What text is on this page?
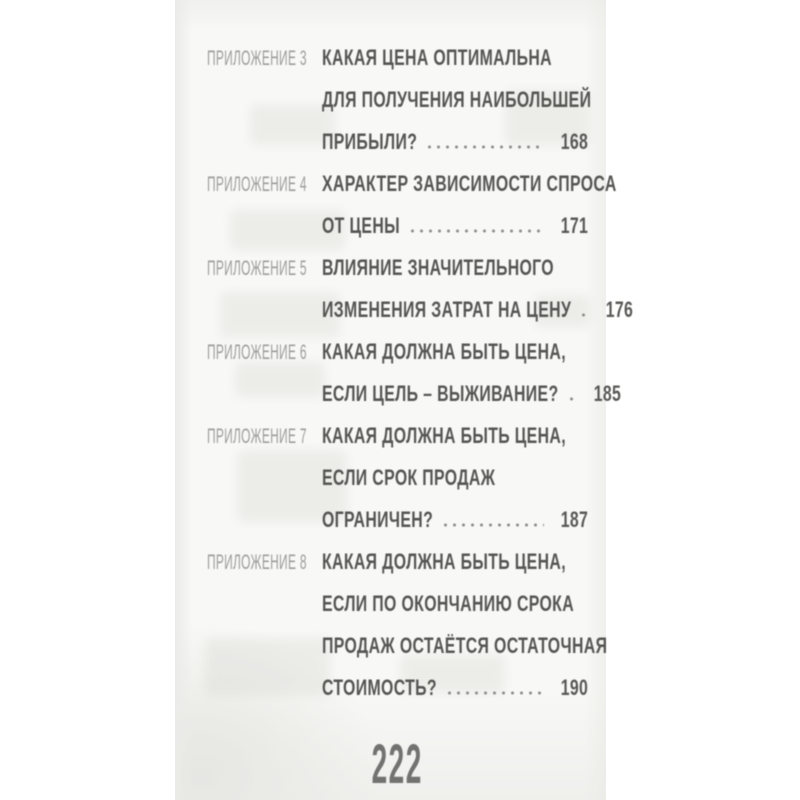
ПРИЛОЖЕНИЕ 3 КАКАЯ ЦЕНА ОПТИМАЛЬНА
ДЛЯ ПОЛУЧЕНИЯ НАИБОЛЬШЕЙ
ПРИБЫЛИ?	168
ПРИЛОЖЕНИЕ 4 ХАРАКТЕР ЗАВИСИМОСТИ СПРОСА
ОТ ЦЕНЫ	171
ПРИЛОЖЕНИЕ 5 ВЛИЯНИЕ ЗНАЧИТЕЛЬНОГО
ИЗМЕНЕНИЯ ЗАТРАТ НА ЦЕНУ 176
ПРИЛОЖЕНИЕ 6 КАКАЯ ДОЛЖНА БЫТЬ ЦЕНА,
ЕСЛИ ЦЕЛЬ – ВЫЖИВАНИЕ? 185
ПРИЛОЖЕНИЕ 7 КАКАЯ ДОЛЖНА БЫТЬ ЦЕНА,
ЕСЛИ СРОК ПРОДАЖ
ОГРАНИЧЕН?	187
ПРИЛОЖЕНИЕ 8 КАКАЯ ДОЛЖНА БЫТЬ ЦЕНА,
ЕСЛИ ПО ОКОНЧАНИЮ СРОКА
ПРОДАЖ ОСТАЁТСЯ ОСТАТОЧНАЯ
СТОИМОСТЬ?	190
222
